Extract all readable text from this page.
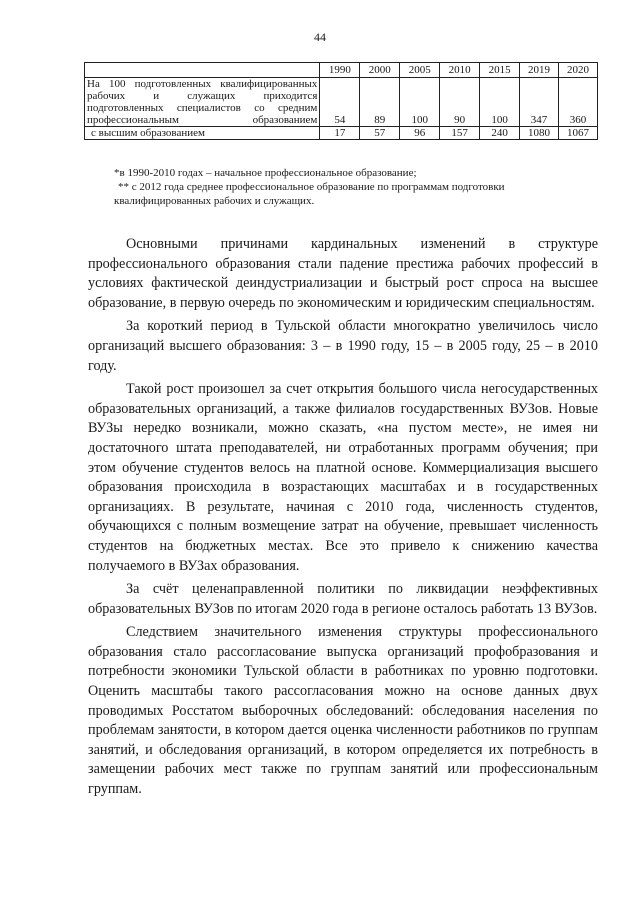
44
	1990	2000	2005	2010	2015	2019	2020
На 100 подготовленных квалифицированных рабочих и служащих приходится подготовленных специалистов со средним профессиональным образованием	54	89	100	90	100	347	360
с высшим образованием	17	57	96	157	240	1080	1067

*в 1990-2010 годах – начальное профессиональное образование;

** с 2012 года среднее профессиональное образование по программам подготовки квалифицированных рабочих и служащих.

Основными причинами кардинальных изменений в структуре профессионального образования стали падение престижа рабочих профессий в условиях фактической деиндустриализации и быстрый рост спроса на высшее образование, в первую очередь по экономическим и юридическим специальностям.

За короткий период в Тульской области многократно увеличилось число организаций высшего образования: 3 – в 1990 году, 15 – в 2005 году, 25 – в 2010 году.

Такой рост произошел за счет открытия большого числа негосударственных образовательных организаций, а также филиалов государственных ВУЗов. Новые ВУЗы нередко возникали, можно сказать, «на пустом месте», не имея ни достаточного штата преподавателей, ни отработанных программ обучения; при этом обучение студентов велось на платной основе. Коммерциализация высшего образования происходила в возрастающих масштабах и в государственных организациях. В результате, начиная с 2010 года, численность студентов, обучающихся с полным возмещение затрат на обучение, превышает численность студентов на бюджетных местах. Все это привело к снижению качества получаемого в ВУЗах образования.

За счёт целенаправленной политики по ликвидации неэффективных образовательных ВУЗов по итогам 2020 года в регионе осталось работать 13 ВУЗов.

Следствием значительного изменения структуры профессионального образования стало рассогласование выпуска организаций профобразования и потребности экономики Тульской области в работниках по уровню подготовки. Оценить масштабы такого рассогласования можно на основе данных двух проводимых Росстатом выборочных обследований: обследования населения по проблемам занятости, в котором дается оценка численности работников по группам занятий, и обследования организаций, в котором определяется их потребность в замещении рабочих мест также по группам занятий или профессиональным группам.
